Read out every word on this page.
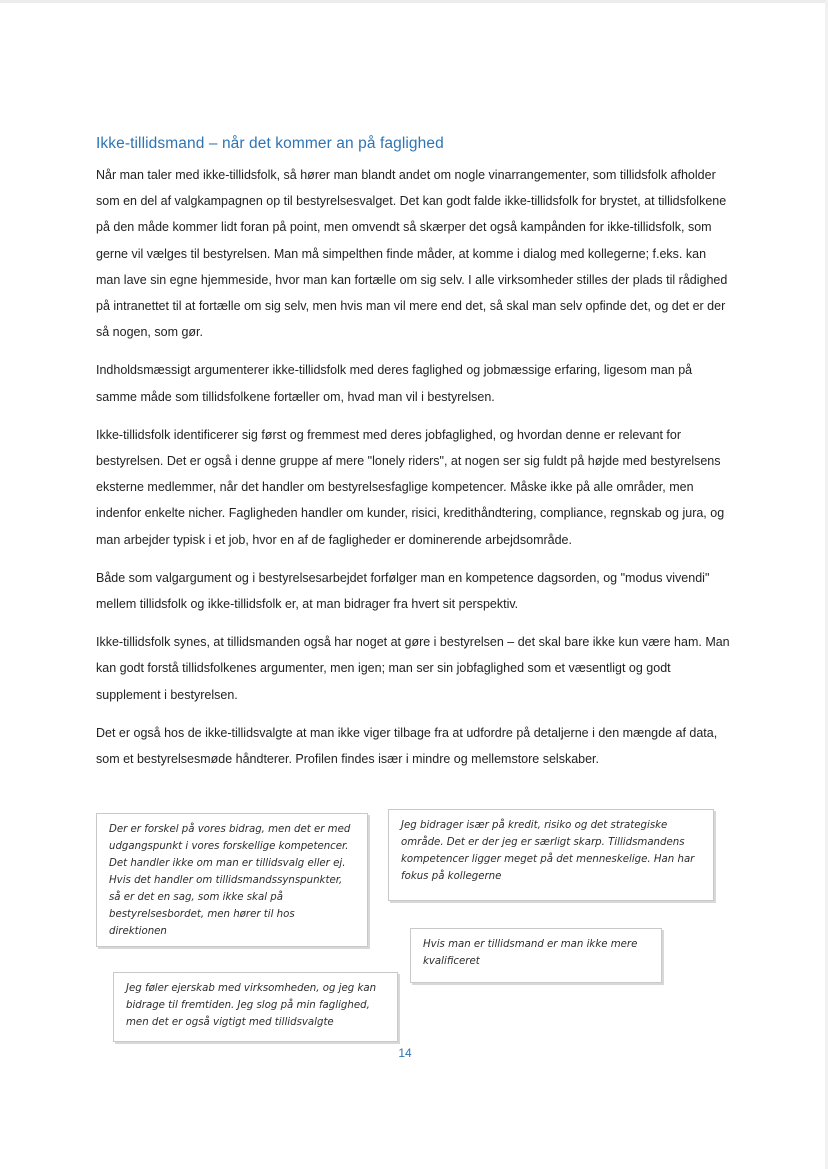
Ikke-tillidsmand – når det kommer an på faglighed

Når man taler med ikke-tillidsfolk, så hører man blandt andet om nogle vinarrangementer, som tillidsfolk afholder som en del af valgkampagnen op til bestyrelsesvalget. Det kan godt falde ikke-tillidsfolk for brystet, at tillidsfolkene på den måde kommer lidt foran på point, men omvendt så skærper det også kampånden for ikke-tillidsfolk, som gerne vil vælges til bestyrelsen. Man må simpelthen finde måder, at komme i dialog med kollegerne; f.eks. kan man lave sin egne hjemmeside, hvor man kan fortælle om sig selv. I alle virksomheder stilles der plads til rådighed på intranettet til at fortælle om sig selv, men hvis man vil mere end det, så skal man selv opfinde det, og det er der så nogen, som gør.

Indholdsmæssigt argumenterer ikke-tillidsfolk med deres faglighed og jobmæssige erfaring, ligesom man på samme måde som tillidsfolkene fortæller om, hvad man vil i bestyrelsen.

Ikke-tillidsfolk identificerer sig først og fremmest med deres jobfaglighed, og hvordan denne er relevant for bestyrelsen. Det er også i denne gruppe af mere "lonely riders", at nogen ser sig fuldt på højde med bestyrelsens eksterne medlemmer, når det handler om bestyrelsesfaglige kompetencer. Måske ikke på alle områder, men indenfor enkelte nicher. Fagligheden handler om kunder, risici, kredithåndtering, compliance, regnskab og jura, og man arbejder typisk i et job, hvor en af de fagligheder er dominerende arbejdsområde.

Både som valgargument og i bestyrelsesarbejdet forfølger man en kompetence dagsorden, og "modus vivendi" mellem tillidsfolk og ikke-tillidsfolk er, at man bidrager fra hvert sit perspektiv.

Ikke-tillidsfolk synes, at tillidsmanden også har noget at gøre i bestyrelsen – det skal bare ikke kun være ham. Man kan godt forstå tillidsfolkenes argumenter, men igen; man ser sin jobfaglighed som et væsentligt og godt supplement i bestyrelsen.

Det er også hos de ikke-tillidsvalgte at man ikke viger tilbage fra at udfordre på detaljerne i den mængde af data, som et bestyrelsesmøde håndterer. Profilen findes især i mindre og mellemstore selskaber.

Der er forskel på vores bidrag, men det er med udgangspunkt i vores forskellige kompetencer. Det handler ikke om man er tillidsvalg eller ej. Hvis det handler om tillidsmandssynspunkter, så er det en sag, som ikke skal på bestyrelsesbordet, men hører til hos direktionen
Jeg bidrager især på kredit, risiko og det strategiske område. Det er der jeg er særligt skarp. Tillidsmandens kompetencer ligger meget på det menneskelige. Han har fokus på kollegerne
Hvis man er tillidsmand er man ikke mere kvalificeret
Jeg føler ejerskab med virksomheden, og jeg kan bidrage til fremtiden. Jeg slog på min faglighed, men det er også vigtigt med tillidsvalgte
14
